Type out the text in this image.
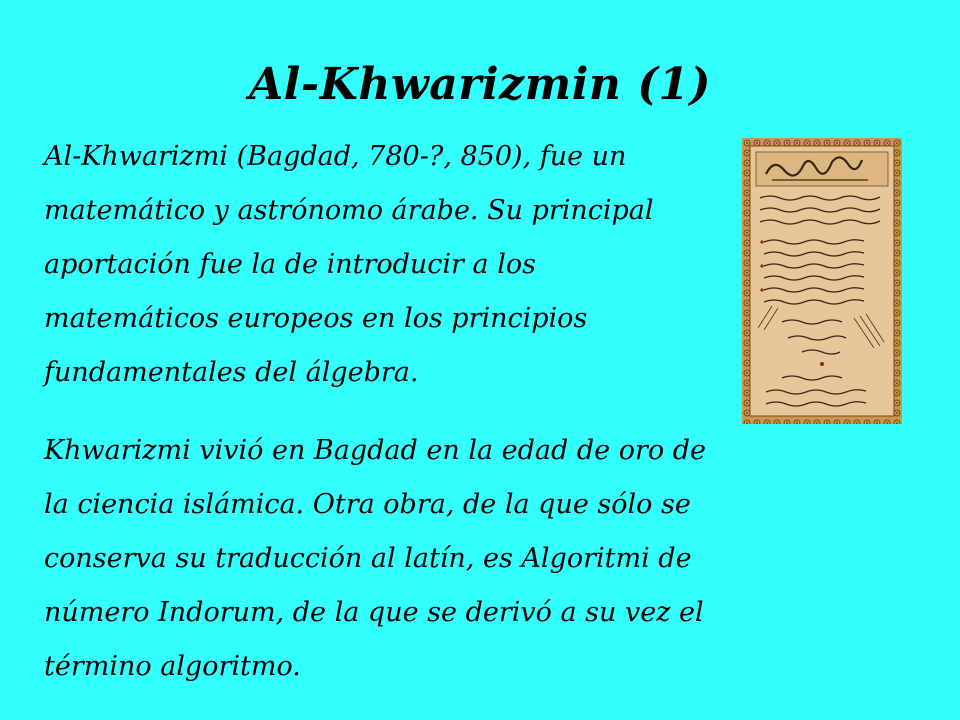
Al-Khwarizmin (1)

Al-Khwarizmi (Bagdad, 780-?, 850), fue un matemático y astrónomo árabe. Su principal aportación fue la de introducir a los matemáticos europeos en los principios fundamentales del álgebra.

Khwarizmi vivió en Bagdad en la edad de oro de la ciencia islámica. Otra obra, de la que sólo se conserva su traducción al latín, es Algoritmi de número Indorum, de la que se derivó a su vez el término algoritmo.
